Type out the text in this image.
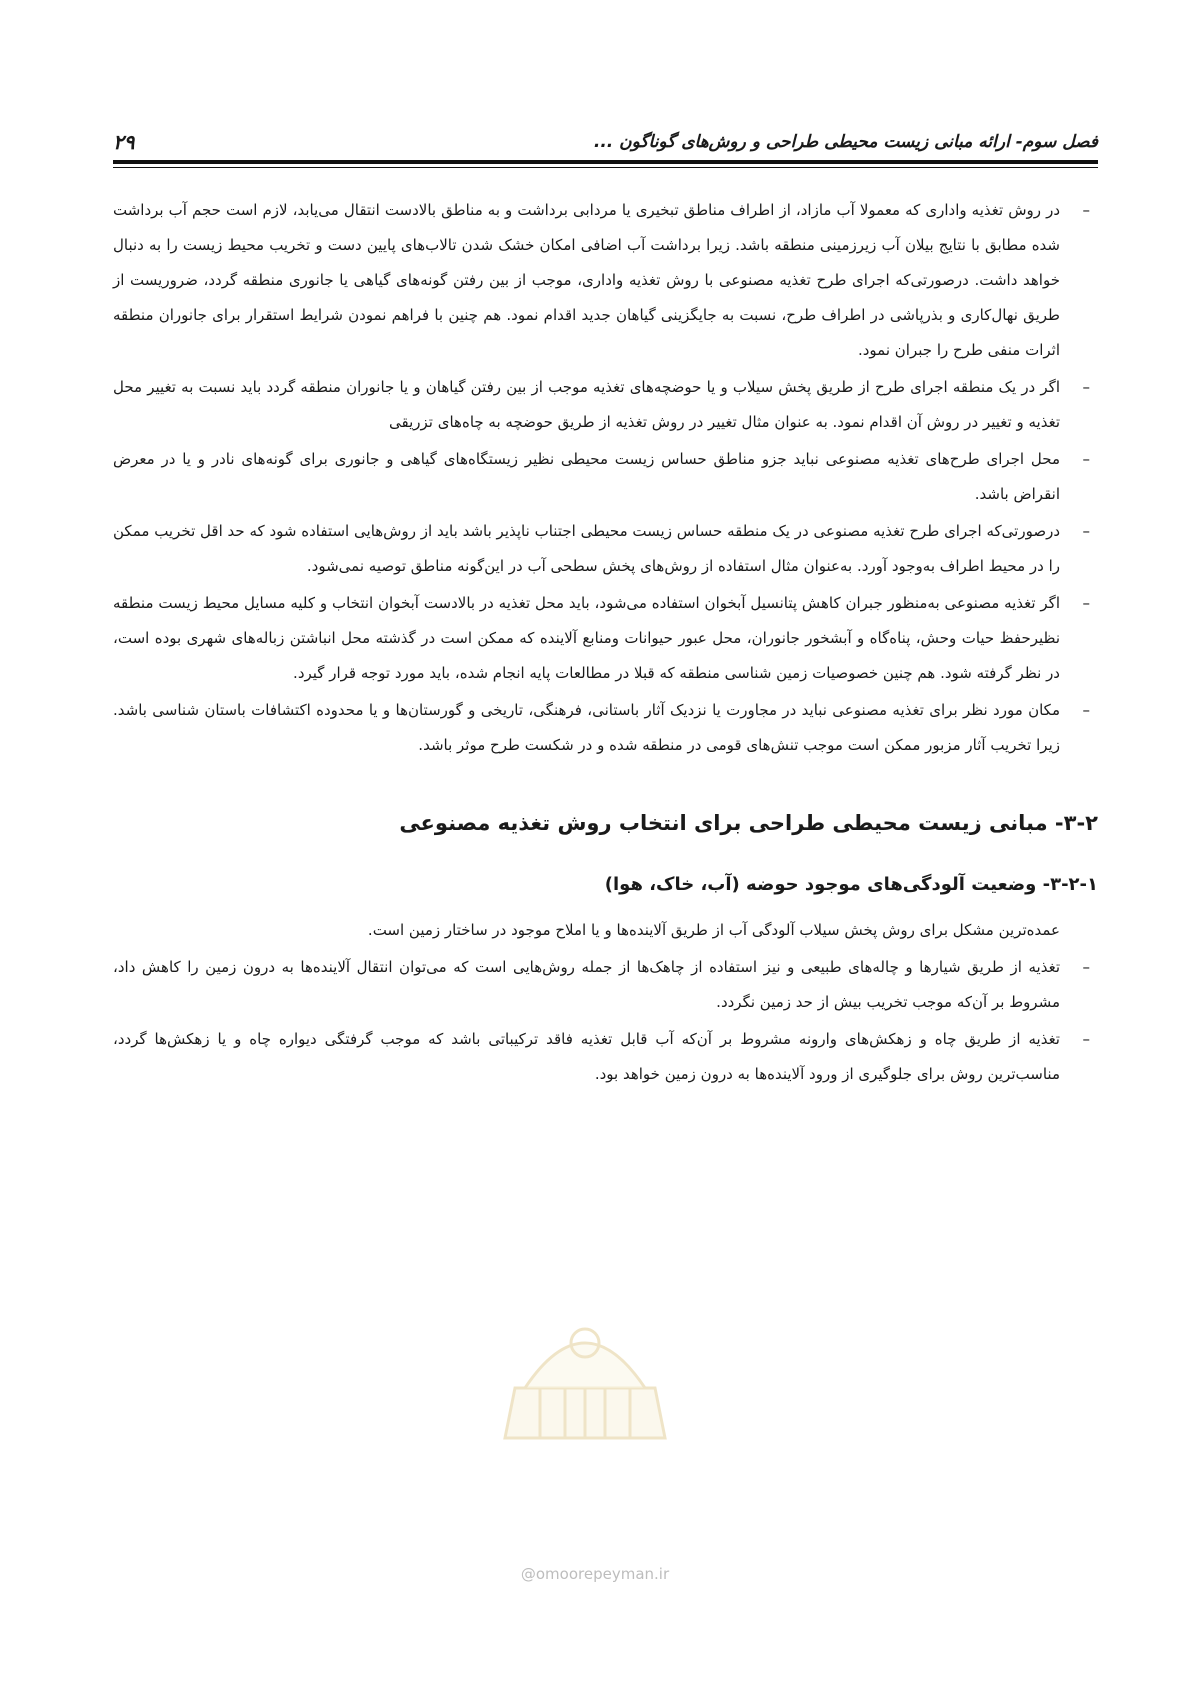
فصل سوم- ارائه مبانی زیست محیطی طراحی و روش‌های گوناگون ...
۲۹
–
در روش تغذیه واداری که معمولا آب مازاد، از اطراف مناطق تبخیری یا مردابی برداشت و به مناطق بالادست انتقال می‌یابد، لازم است حجم آب برداشت شده مطابق با نتایج بیلان آب زیرزمینی منطقه باشد. زیرا برداشت آب اضافی امکان خشک شدن تالاب‌های پایین دست و تخریب محیط زیست را به دنبال خواهد داشت. درصورتی‌که اجرای طرح تغذیه مصنوعی با روش تغذیه واداری، موجب از بین رفتن گونه‌های گیاهی یا جانوری منطقه گردد، ضروریست از طریق نهال‌کاری و بذرپاشی در اطراف طرح، نسبت به جایگزینی گیاهان جدید اقدام نمود. هم چنین با فراهم نمودن شرایط استقرار برای جانوران منطقه اثرات منفی طرح را جبران نمود.
–
اگر در یک منطقه اجرای طرح از طریق پخش سیلاب و یا حوضچه‌های تغذیه موجب از بین رفتن گیاهان و یا جانوران منطقه گردد باید نسبت به تغییر محل تغذیه و تغییر در روش آن اقدام نمود. به عنوان مثال تغییر در روش تغذیه از طریق حوضچه به چاه‌های تزریقی
–
محل اجرای طرح‌های تغذیه مصنوعی نباید جزو مناطق حساس زیست محیطی نظیر زیستگاه‌های گیاهی و جانوری برای گونه‌های نادر و یا در معرض انقراض باشد.
–
درصورتی‌که اجرای طرح تغذیه مصنوعی در یک منطقه حساس زیست محیطی اجتناب ناپذیر باشد باید از روش‌هایی استفاده شود که حد اقل تخریب ممکن را در محیط اطراف به‌وجود آورد. به‌عنوان مثال استفاده از روش‌های پخش سطحی آب در این‌گونه مناطق توصیه نمی‌شود.
–
اگر تغذیه مصنوعی به‌منظور جبران کاهش پتانسیل آبخوان استفاده می‌شود، باید محل تغذیه در بالادست آبخوان انتخاب و کلیه مسایل محیط زیست منطقه نظیرحفظ حیات وحش، پناه‌گاه و آبشخور جانوران، محل عبور حیوانات ومنابع آلاینده که ممکن است در گذشته محل انباشتن زباله‌های شهری بوده است، در نظر گرفته شود. هم چنین خصوصیات زمین شناسی منطقه که قبلا در مطالعات پایه انجام شده، باید مورد توجه قرار گیرد.
–
مکان مورد نظر برای تغذیه مصنوعی نباید در مجاورت یا نزدیک آثار باستانی، فرهنگی، تاریخی و گورستان‌ها و یا محدوده اکتشافات باستان شناسی باشد. زیرا تخریب آثار مزبور ممکن است موجب تنش‌های قومی در منطقه شده و در شکست طرح موثر باشد.
۳-۲- مبانی زیست محیطی طراحی برای انتخاب روش تغذیه مصنوعی
۳-۲-۱- وضعیت آلودگی‌های موجود حوضه (آب، خاک، هوا)
عمده‌ترین مشکل برای روش پخش سیلاب آلودگی آب از طریق آلاینده‌ها و یا املاح موجود در ساختار زمین است.
–
تغذیه از طریق شیارها و چاله‌های طبیعی و نیز استفاده از چاهک‌ها از جمله روش‌هایی است که می‌توان انتقال آلاینده‌ها به درون زمین را کاهش داد، مشروط بر آن‌که موجب تخریب بیش از حد زمین نگردد.
–
تغذیه از طریق چاه و زهکش‌های وارونه مشروط بر آن‌که آب قابل تغذیه فاقد ترکیباتی باشد که موجب گرفتگی دیواره چاه و یا زهکش‌ها گردد، مناسب‌ترین روش برای جلوگیری از ورود آلاینده‌ها به درون زمین خواهد بود.
@omoorepeyman.ir
